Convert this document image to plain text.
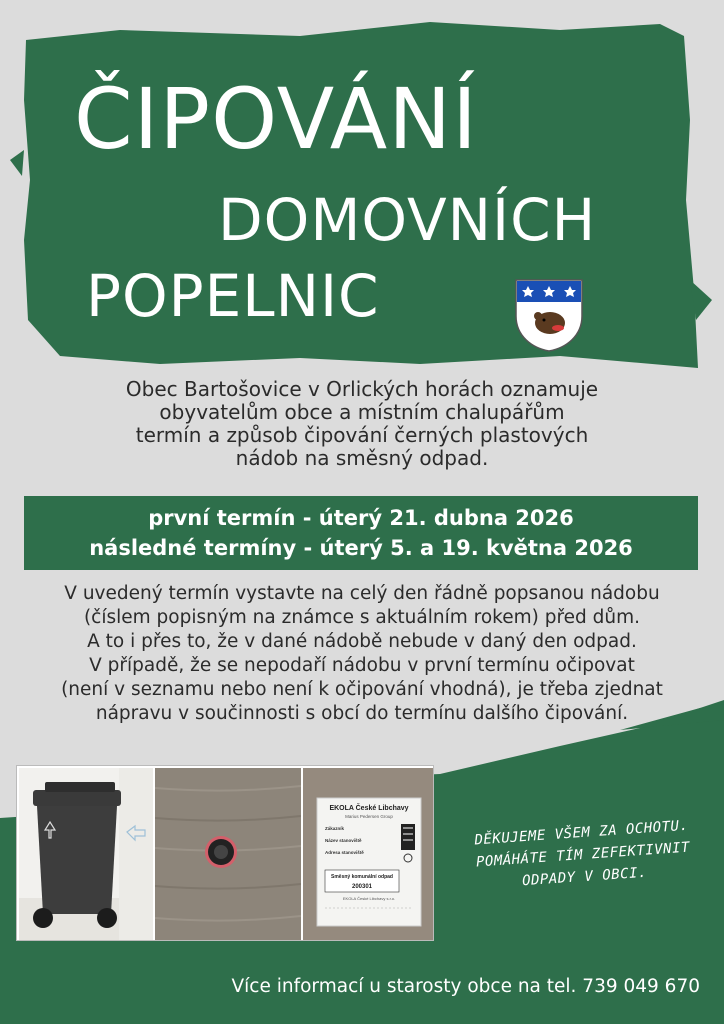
ČIPOVÁNÍ
DOMOVNÍCH
POPELNIC
Obec Bartošovice v Orlických horách oznamuje
obyvatelům obce a místním chalupářům
termín a způsob čipování černých plastových
nádob na směsný odpad.
první termín - úterý 21. dubna 2026
následné termíny - úterý 5. a 19. května 2026
V uvedený termín vystavte na celý den řádně popsanou nádobu
(číslem popisným na známce s aktuálním rokem) před dům.
A to i přes to, že v dané nádobě nebude v daný den odpad.
V případě, že se nepodaří nádobu v první termínu očipovat
(není v seznamu nebo není k očipování vhodná), je třeba zjednat
nápravu v součinnosti s obcí do termínu dalšího čipování.
EKOLA České Libchavy
Marius Pedersen Group
Zákazník
Název stanoviště
Adresa stanoviště
Směsný komunální odpad
200301
EKOLA České Libchavy s.r.o.
DĚKUJEME VŠEM ZA OCHOTU.
POMÁHÁTE TÍM ZEFEKTIVNIT
ODPADY V OBCI.
Více informací u starosty obce na tel. 739 049 670
